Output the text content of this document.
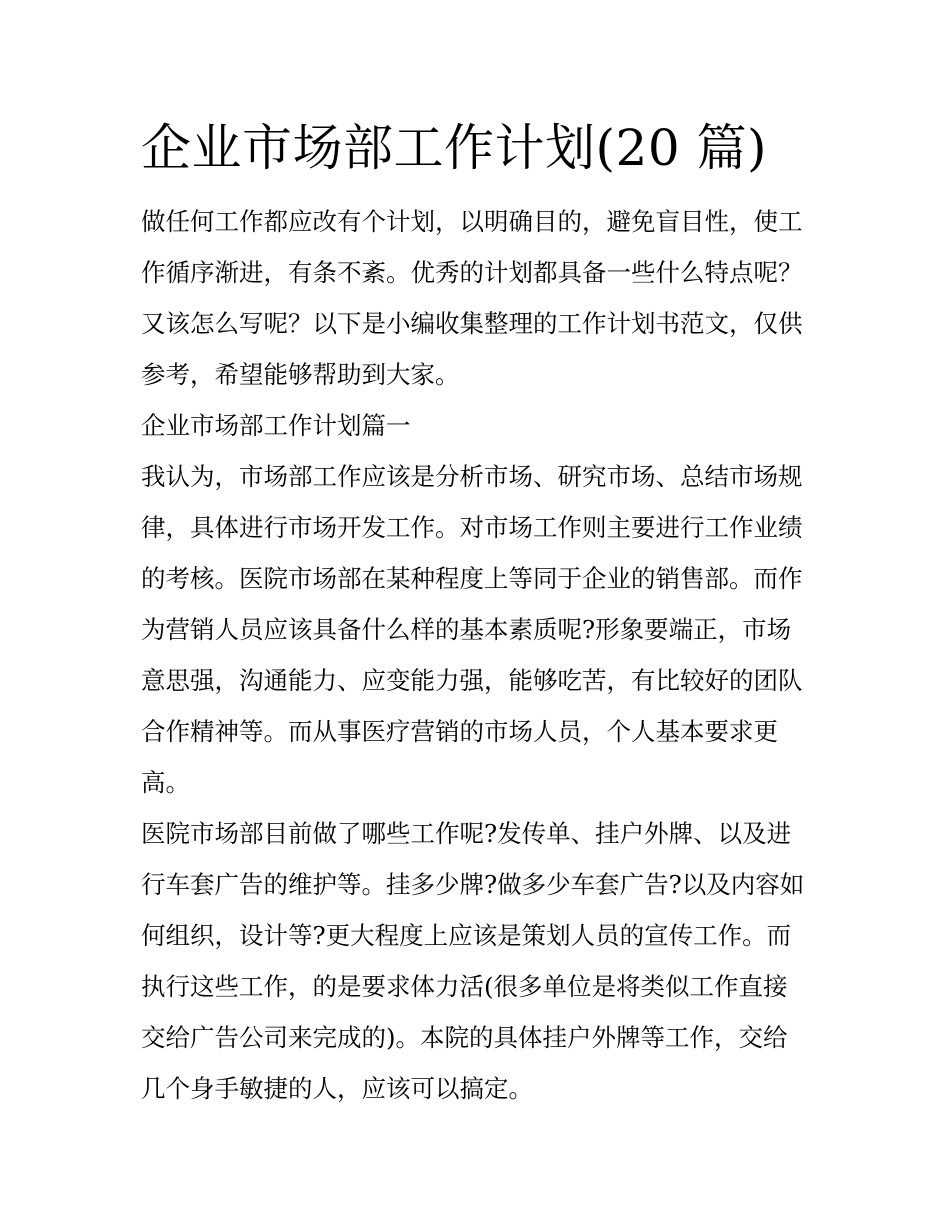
企业市场部工作计划(20 篇)
做任何工作都应改有个计划，以明确目的，避免盲目性，使工
作循序渐进，有条不紊。优秀的计划都具备一些什么特点呢？
又该怎么写呢？以下是小编收集整理的工作计划书范文，仅供
参考，希望能够帮助到大家。
企业市场部工作计划篇一
我认为，市场部工作应该是分析市场、研究市场、总结市场规
律，具体进行市场开发工作。对市场工作则主要进行工作业绩
的考核。医院市场部在某种程度上等同于企业的销售部。而作
为营销人员应该具备什么样的基本素质呢?形象要端正，市场
意思强，沟通能力、应变能力强，能够吃苦，有比较好的团队
合作精神等。而从事医疗营销的市场人员，个人基本要求更
高。
医院市场部目前做了哪些工作呢?发传单、挂户外牌、以及进
行车套广告的维护等。挂多少牌?做多少车套广告?以及内容如
何组织，设计等?更大程度上应该是策划人员的宣传工作。而
执行这些工作，的是要求体力活(很多单位是将类似工作直接
交给广告公司来完成的)。本院的具体挂户外牌等工作，交给
几个身手敏捷的人，应该可以搞定。
